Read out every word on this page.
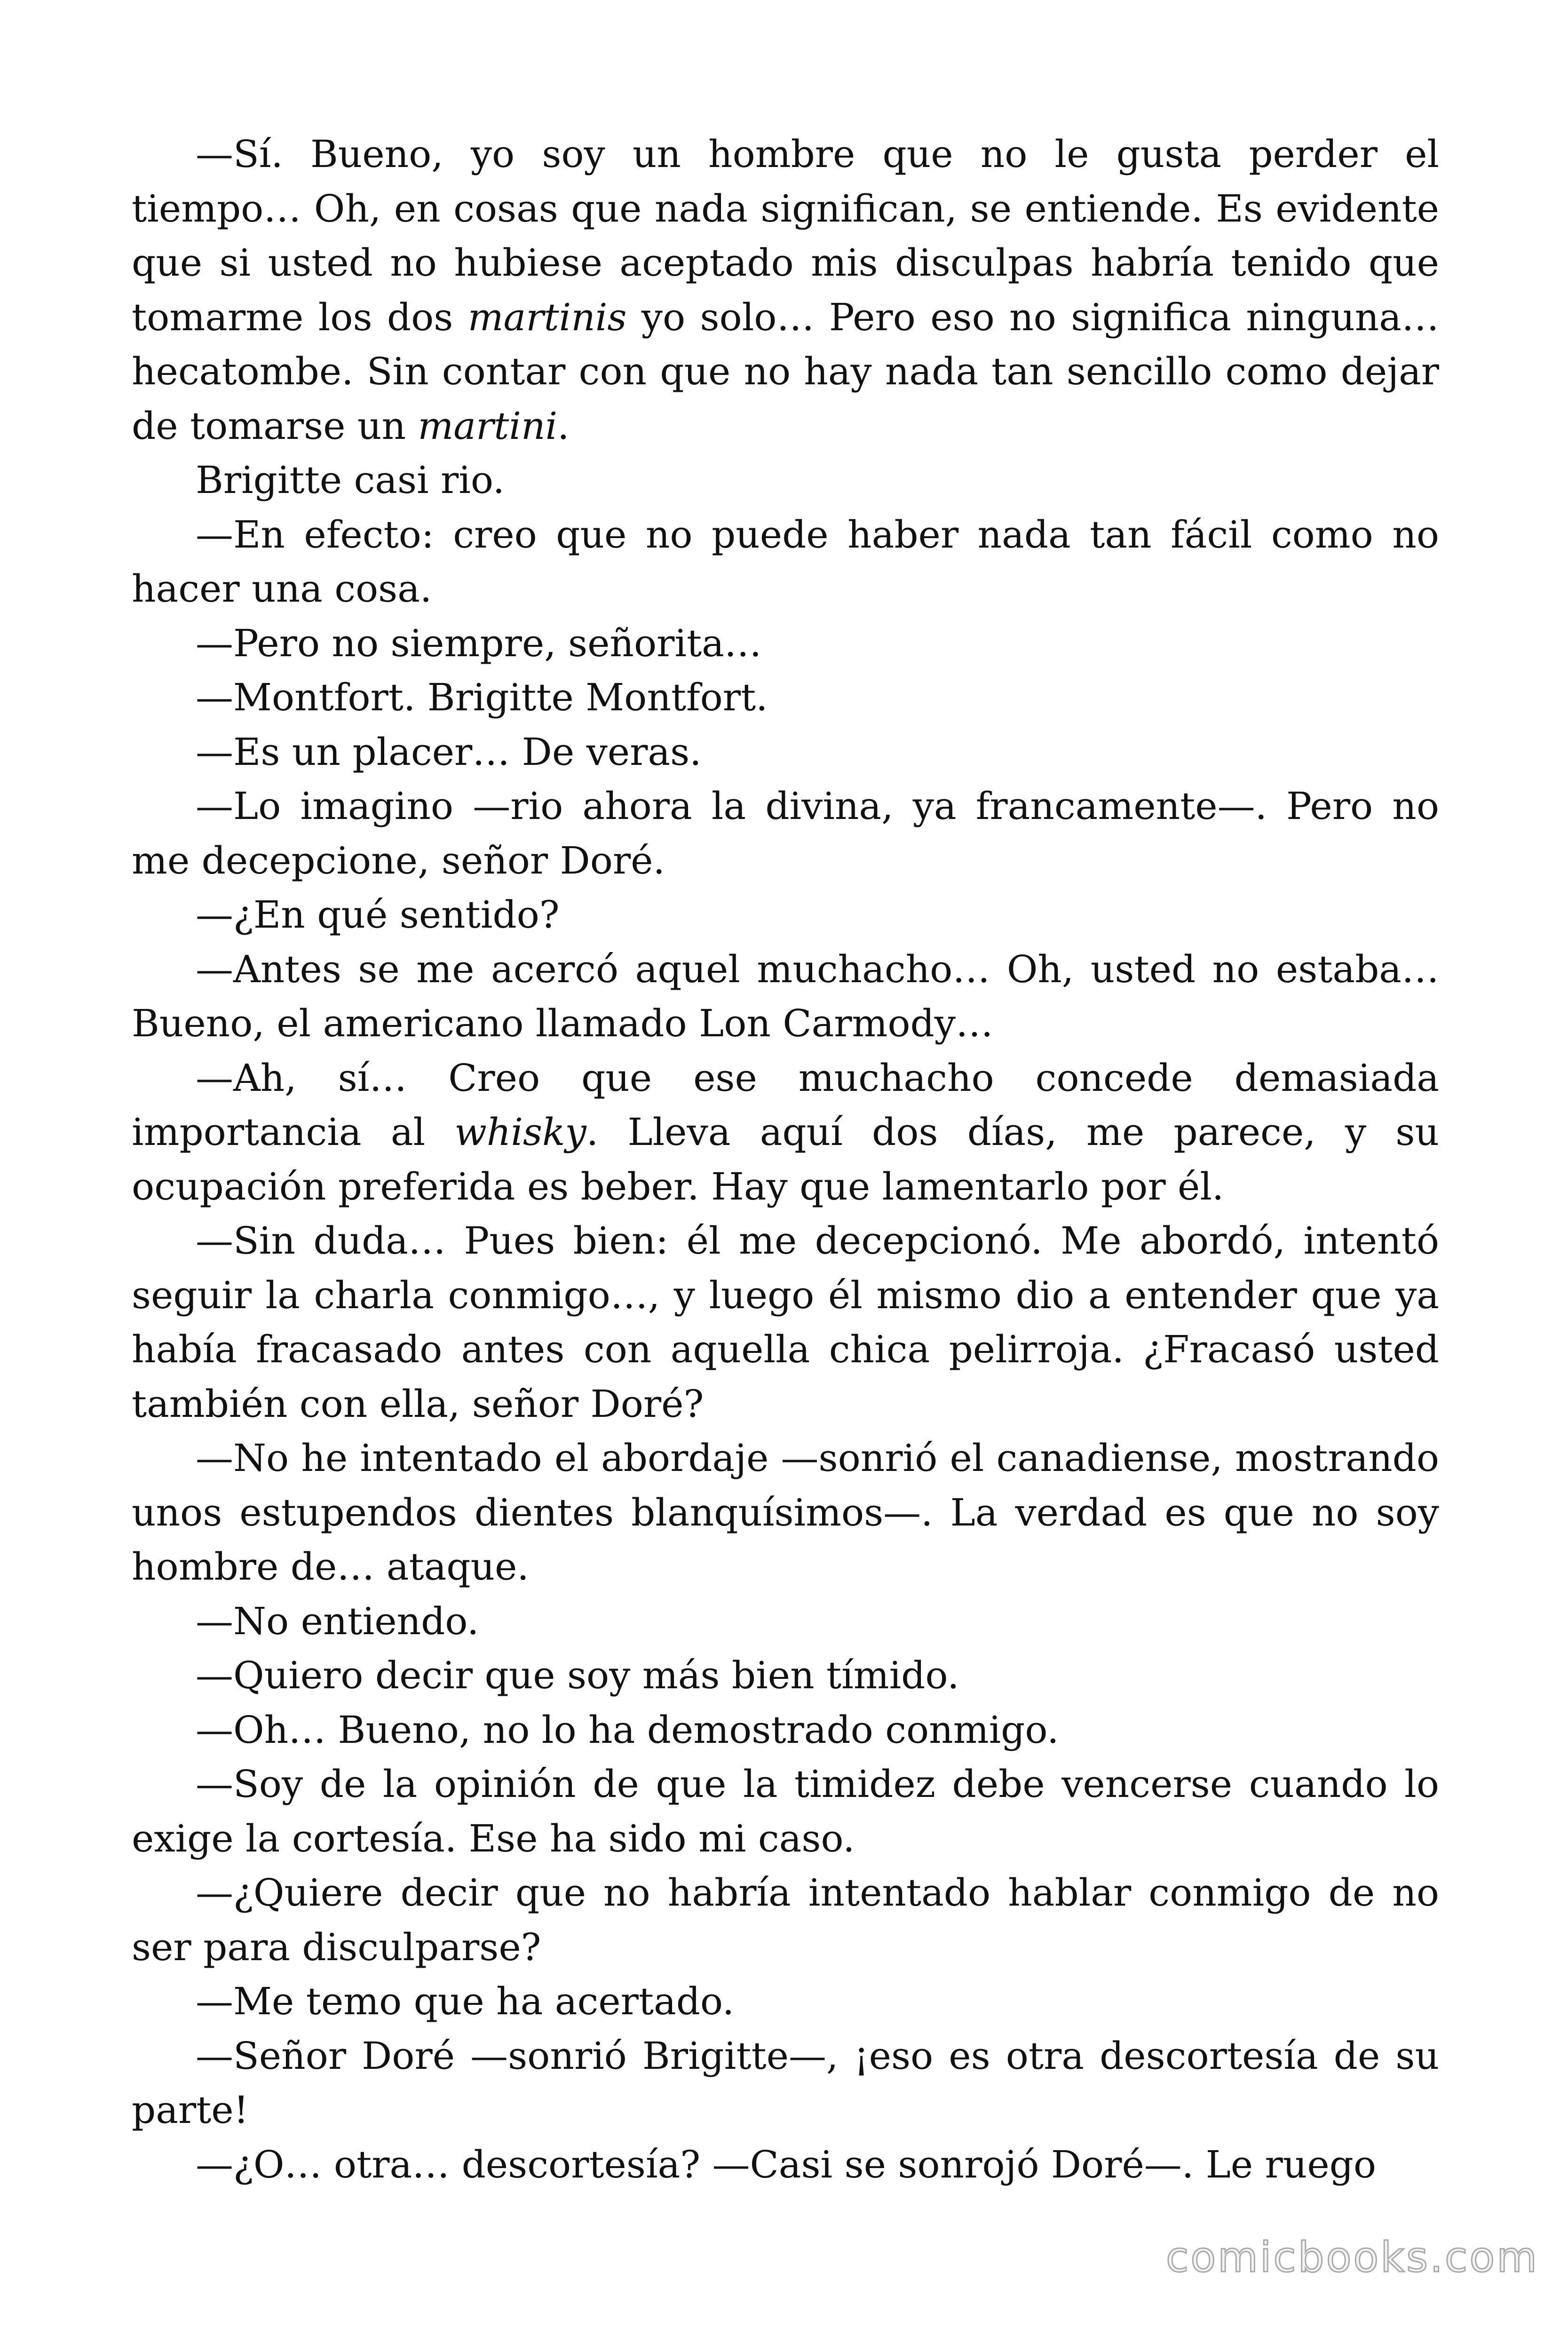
—Sí. Bueno, yo soy un hombre que no le gusta perder el tiempo… Oh, en cosas que nada significan, se entiende. Es evidente que si usted no hubiese aceptado mis disculpas habría tenido que tomarme los dos martinis yo solo… Pero eso no significa ninguna… hecatombe. Sin contar con que no hay nada tan sencillo como dejar de tomarse un martini.

Brigitte casi rio.

—En efecto: creo que no puede haber nada tan fácil como no hacer una cosa.

—Pero no siempre, señorita…

—Montfort. Brigitte Montfort.

—Es un placer… De veras.

—Lo imagino —rio ahora la divina, ya francamente—. Pero no me decepcione, señor Doré.

—¿En qué sentido?

—Antes se me acercó aquel muchacho… Oh, usted no estaba… Bueno, el americano llamado Lon Carmody…

—Ah, sí… Creo que ese muchacho concede demasiada importancia al whisky. Lleva aquí dos días, me parece, y su ocupación preferida es beber. Hay que lamentarlo por él.

—Sin duda… Pues bien: él me decepcionó. Me abordó, intentó seguir la charla conmigo…, y luego él mismo dio a entender que ya había fracasado antes con aquella chica pelirroja. ¿Fracasó usted también con ella, señor Doré?

—No he intentado el abordaje —sonrió el canadiense, mostrando unos estupendos dientes blanquísimos—. La verdad es que no soy hombre de… ataque.

—No entiendo.

—Quiero decir que soy más bien tímido.

—Oh… Bueno, no lo ha demostrado conmigo.

—Soy de la opinión de que la timidez debe vencerse cuando lo exige la cortesía. Ese ha sido mi caso.

—¿Quiere decir que no habría intentado hablar conmigo de no ser para disculparse?

—Me temo que ha acertado.

—Señor Doré —sonrió Brigitte—, ¡eso es otra descortesía de su parte!

—¿O… otra… descortesía? —Casi se sonrojó Doré—. Le ruego

comicbooks.com
